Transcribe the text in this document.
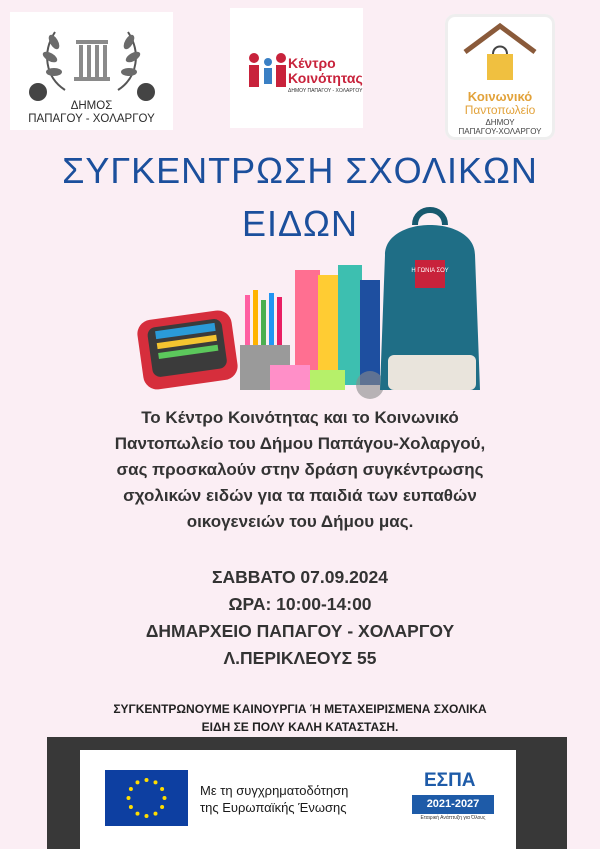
ΔΗΜΟΣ
ΠΑΠΑΓΟΥ - ΧΟΛΑΡΓΟΥ
Κέντρο
Κοινότητας
ΔΗΜΟΥ ΠΑΠΑΓΟΥ - ΧΟΛΑΡΓΟΥ	Κοινωνικό
Παντοπωλείο
ΔΗΜΟΥ
ΠΑΠΑΓΟΥ-ΧΟΛΑΡΓΟΥ
Η ΓΩΝΙΑ ΣΟΥ
ΣΥΓΚΕΝΤΡΩΣΗ ΣΧΟΛΙΚΩΝ
ΕΙΔΩΝ
Το Κέντρο Κοινότητας και το Κοινωνικό
Παντοπωλείο του Δήμου Παπάγου-Χολαργού,
σας προσκαλούν στην δράση συγκέντρωσης
σχολικών ειδών για τα παιδιά των ευπαθών
οικογενειών του Δήμου μας.
ΣΑΒΒΑΤΟ 07.09.2024
ΩΡΑ: 10:00-14:00
ΔΗΜΑΡΧΕΙΟ ΠΑΠΑΓΟΥ - ΧΟΛΑΡΓΟΥ
Λ.ΠΕΡΙΚΛΕΟΥΣ 55
ΣΥΓΚΕΝΤΡΩΝΟΥΜΕ ΚΑΙΝΟΥΡΓΙΑ Ή ΜΕΤΑΧΕΙΡΙΣΜΕΝΑ ΣΧΟΛΙΚΑ
ΕΙΔΗ ΣΕ ΠΟΛΥ ΚΑΛΗ ΚΑΤΑΣΤΑΣΗ.
Με τη συγχρηματοδότηση
της Ευρωπαϊκής Ένωσης
ΕΣΠΑ
2021-2027
Εταιρική Ανάπτυξη για Όλους
